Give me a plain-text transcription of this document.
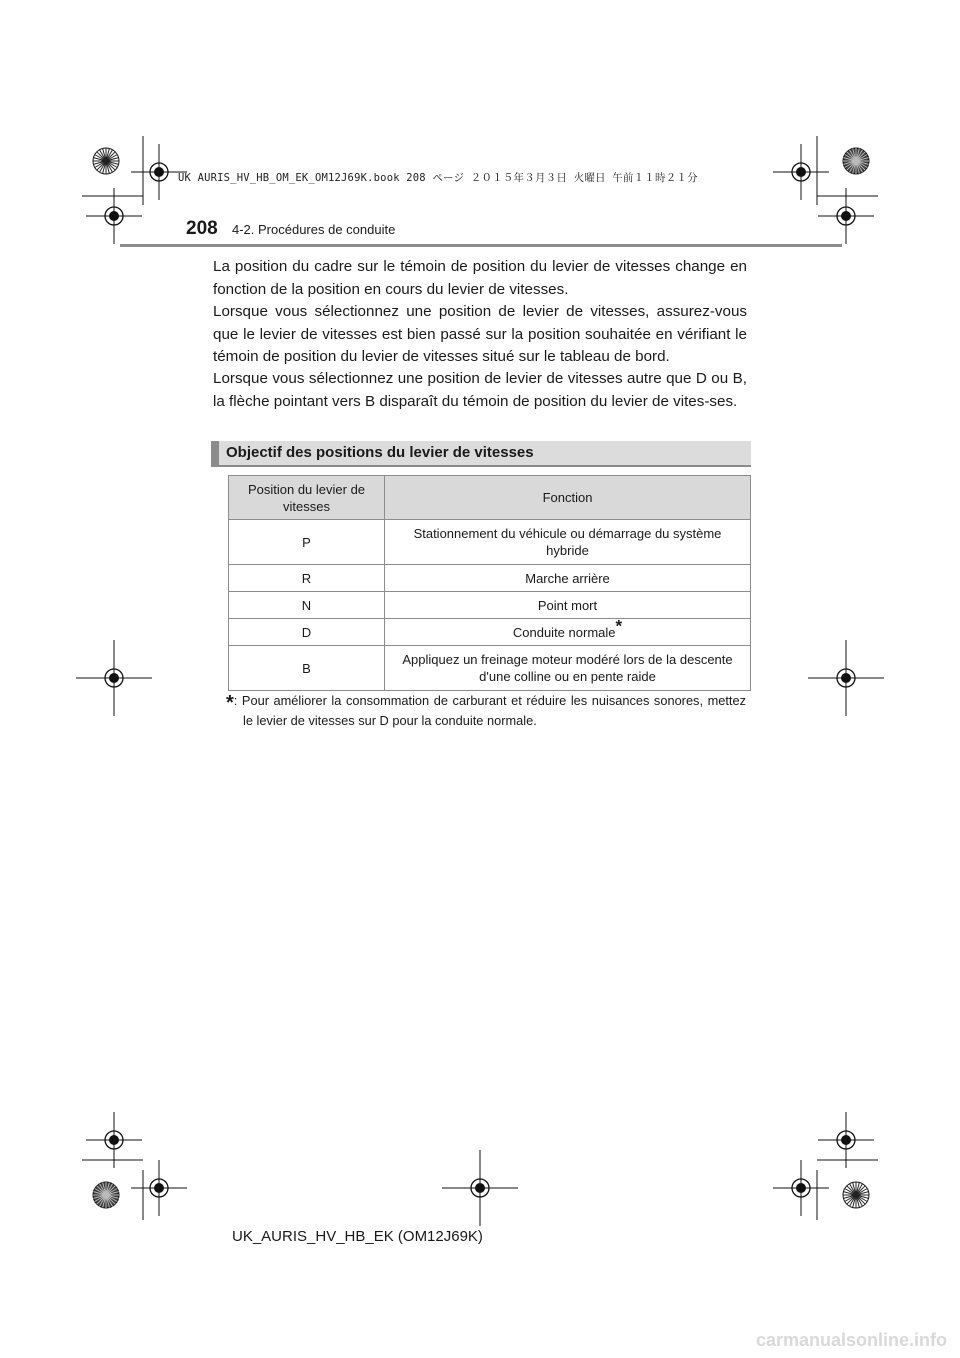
UK AURIS_HV_HB_OM_EK_OM12J69K.book 208 ページ ２０１５年３月３日 火曜日 午前１１時２１分
208 4-2. Procédures de conduite
La position du cadre sur le témoin de position du levier de vitesses change en fonction de la position en cours du levier de vitesses.
Lorsque vous sélectionnez une position de levier de vitesses, assurez-vous que le levier de vitesses est bien passé sur la position souhaitée en vérifiant le témoin de position du levier de vitesses situé sur le tableau de bord.
Lorsque vous sélectionnez une position de levier de vitesses autre que D ou B, la flèche pointant vers B disparaît du témoin de position du levier de vites-ses.
Objectif des positions du levier de vitesses
Position du levier de vitesses	Fonction
P	Stationnement du véhicule ou démarrage du système hybride
R	Marche arrière
N	Point mort
D	Conduite normale*
B	Appliquez un freinage moteur modéré lors de la descente d'une colline ou en pente raide
*: Pour améliorer la consommation de carburant et réduire les nuisances sonores, mettez le levier de vitesses sur D pour la conduite normale.
UK_AURIS_HV_HB_EK (OM12J69K)
carmanualsonline.info
